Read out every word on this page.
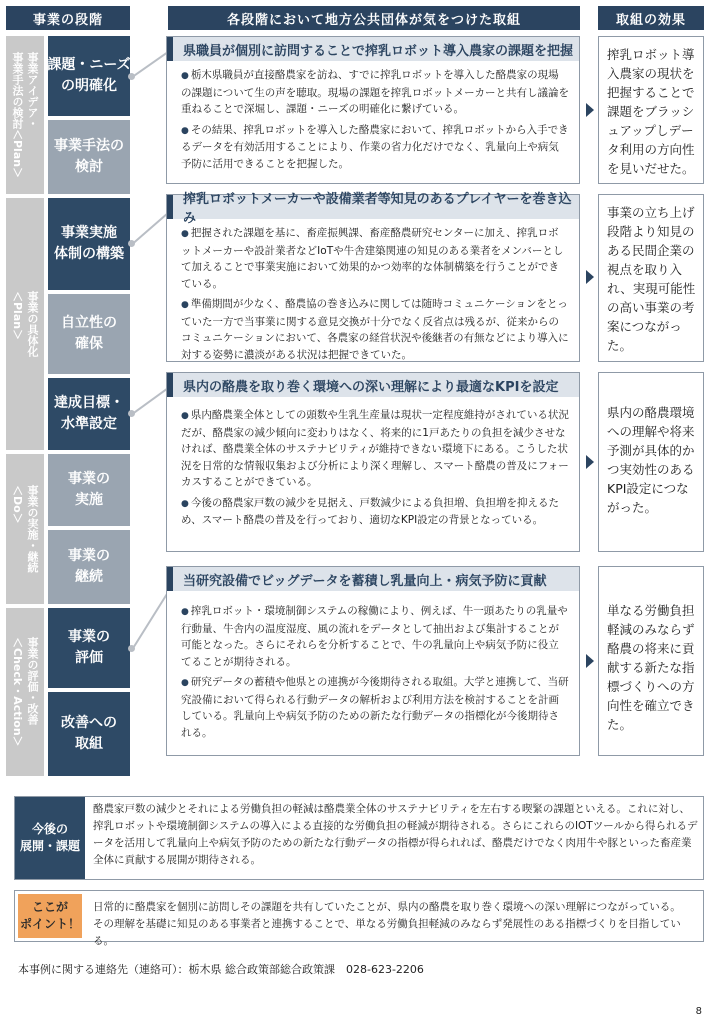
事業の段階	各段階において地方公共団体が気をつけた取組	取組の効果
事業アイデア・
事業手法の検討＜Plan＞
事業の具体化
＜Plan＞
事業の実施・継続
＜Do＞
事業の評価・改善
＜Check・Action＞
課題・ニーズ
の明確化
事業手法の
検討
事業実施
体制の構築
自立性の
確保
達成目標・
水準設定
事業の
実施
事業の
継続
事業の
評価
改善への
取組
県職員が個別に訪問することで搾乳ロボット導入農家の課題を把握
● 栃木県職員が直接酪農家を訪ね、すでに搾乳ロボットを導入した酪農家の現場の課題について生の声を聴取。現場の課題を搾乳ロボットメーカーと共有し議論を重ねることで深堀し、課題・ニーズの明確化に繋げている。
● その結果、搾乳ロボットを導入した酪農家において、搾乳ロボットから入手できるデータを有効活用することにより、作業の省力化だけでなく、乳量向上や病気予防に活用できることを把握した。
搾乳ロボットメーカーや設備業者等知見のあるプレイヤーを巻き込み
● 把握された課題を基に、畜産振興課、畜産酪農研究センターに加え、搾乳ロボットメーカーや設計業者などIoTや牛舎建築関連の知見のある業者をメンバーとして加えることで事業実施において効果的かつ効率的な体制構築を行うことができている。
● 準備期間が少なく、酪農協の巻き込みに関しては随時コミュニケーションをとっていた一方で当事業に関する意見交換が十分でなく反省点は残るが、従来からのコミュニケーションにおいて、各農家の経営状況や後継者の有無などにより導入に対する姿勢に濃淡がある状況は把握できていた。
県内の酪農を取り巻く環境への深い理解により最適なKPIを設定
● 県内酪農業全体としての頭数や生乳生産量は現状一定程度維持がされている状況だが、酪農家の減少傾向に変わりはなく、将来的に1戸あたりの負担を減少させなければ、酪農業全体のサステナビリティが維持できない環境下にある。こうした状況を日常的な情報収集および分析により深く理解し、スマート酪農の普及にフォーカスすることができている。
● 今後の酪農家戸数の減少を見据え、戸数減少による負担増、負担増を抑えるため、スマート酪農の普及を行っており、適切なKPI設定の背景となっている。
当研究設備でビッグデータを蓄積し乳量向上・病気予防に貢献
● 搾乳ロボット・環境制御システムの稼働により、例えば、牛一頭あたりの乳量や行動量、牛舎内の温度湿度、風の流れをデータとして抽出および集計することが可能となった。さらにそれらを分析することで、牛の乳量向上や病気予防に役立てることが期待される。
● 研究データの蓄積や他県との連携が今後期待される取組。大学と連携して、当研究設備において得られる行動データの解析および利用方法を検討することを計画している。乳量向上や病気予防のための新たな行動データの指標化が今後期待される。
搾乳ロボット導入農家の現状を把握することで課題をブラッシュアップしデータ利用の方向性を見いだせた。
事業の立ち上げ段階より知見のある民間企業の視点を取り入れ、実現可能性の高い事業の考案につながった。
県内の酪農環境への理解や将来予測が具体的かつ実効性のあるKPI設定につながった。
単なる労働負担軽減のみならず酪農の将来に貢献する新たな指標づくりへの方向性を確立できた。
今後の
展開・課題
酪農家戸数の減少とそれによる労働負担の軽減は酪農業全体のサステナビリティを左右する喫緊の課題といえる。これに対し、搾乳ロボットや環境制御システムの導入による直接的な労働負担の軽減が期待される。さらにこれらのIOTツールから得られるデータを活用して乳量向上や病気予防のための新たな行動データの指標が得られれば、酪農だけでなく肉用牛や豚といった畜産業全体に貢献する展開が期待される。
ここが
ポイント！
日常的に酪農家を個別に訪問しその課題を共有していたことが、県内の酪農を取り巻く環境への深い理解につながっている。
その理解を基礎に知見のある事業者と連携することで、単なる労働負担軽減のみならず発展性のある指標づくりを目指している。
本事例に関する連絡先（連絡可）：栃木県 総合政策部総合政策課　028-623-2206
8
